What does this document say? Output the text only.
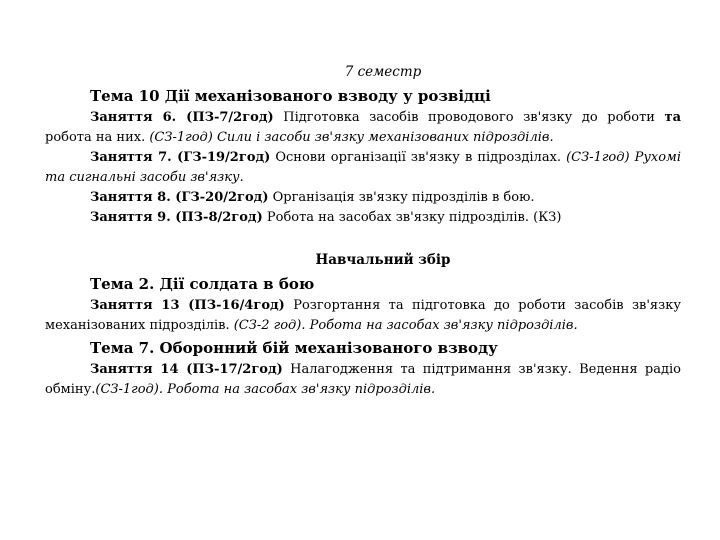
7 семестр

Тема 10 Дії механізованого взводу у розвідці

Заняття 6. (ПЗ-7/2год) Підготовка засобів проводового зв'язку до роботи та робота на них. (СЗ-1год) Сили і засоби зв'язку механізованих підрозділів.

Заняття 7. (ГЗ-19/2год) Основи організації зв'язку в підрозділах. (СЗ-1год) Рухомі та сигнальні засоби зв'язку.

Заняття 8. (ГЗ-20/2год) Організація зв'язку підрозділів в бою.

Заняття 9. (ПЗ-8/2год) Робота на засобах зв'язку підрозділів. (КЗ)

Навчальний збір

Тема 2. Дії солдата в бою

Заняття 13 (ПЗ-16/4год) Розгортання та підготовка до роботи засобів зв'язку механізованих підрозділів. (СЗ-2 год). Робота на засобах зв'язку підрозділів.

Тема 7. Оборонний бій механізованого взводу

Заняття 14 (ПЗ-17/2год) Налагодження та підтримання зв'язку. Ведення радіо обміну.(СЗ-1год). Робота на засобах зв'язку підрозділів.
